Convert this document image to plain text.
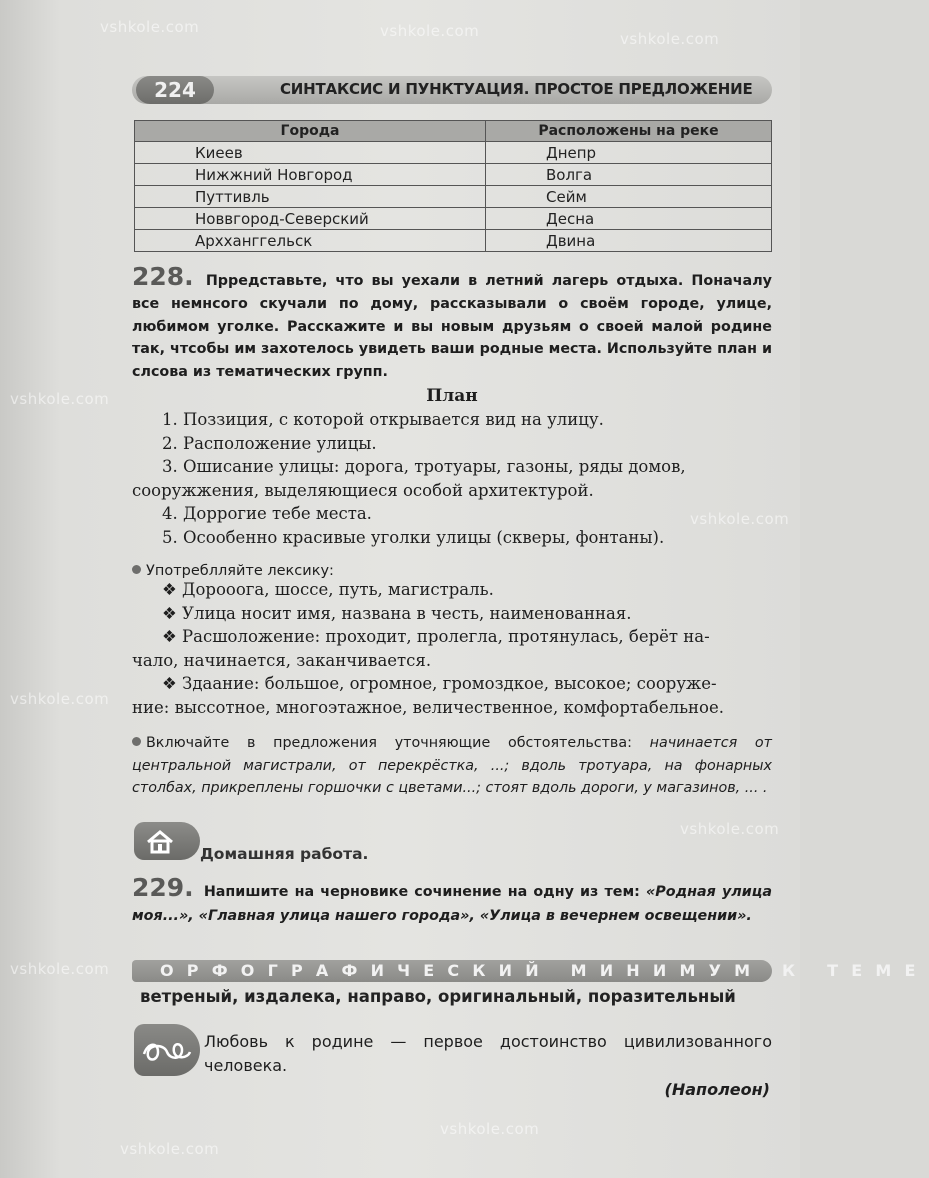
vshkole.com	vshkole.com	vshkole.com
vshkole.com
vshkole.com
vshkole.com
vshkole.com
vshkole.com
vshkole.com
vshkole.com
224	СИНТАКСИС И ПУНКТУАЦИЯ. ПРОСТОЕ ПРЕДЛОЖЕНИЕ
Города	Расположены на реке
Киеев	Днепр
Нижжний Новгород	Волга
Путтивль	Сейм
Новвгород-Северский	Десна
Архханггельск	Двина
228. Прредставьте, что вы уехали в летний лагерь отдыха. Поначалу все немнсого скучали по дому, рассказывали о своём городе, улице, любимом уголке. Расскажите и вы новым друзьям о своей малой родине так, чтсобы им захотелось увидеть ваши родные места. Используйте план и слсова из тематических групп.
План
1. Поззиция, с которой открывается вид на улицу.
2. Расположение улицы.
3. Ошисание улицы: дорога, тротуары, газоны, ряды домов,
сооружжения, выделяющиеся особой архитектурой.
4. Доррогие тебе места.
5. Осообенно красивые уголки улицы (скверы, фонтаны).
Употреблляйте лексику:
❖ Дорооога, шоссе, путь, магистраль.
❖ Улица носит имя, названа в честь, наименованная.
❖ Расшоложение: проходит, пролегла, протянулась, берёт на-
чало, начинается, заканчивается.
❖ Здаание: большое, огромное, громоздкое, высокое; сооруже-
ние: выссотное, многоэтажное, величественное, комфортабельное.
Включайте в предложения уточняющие обстоятельства: начинается от центральной магистрали, от перекрёстка, ...; вдоль тротуара, на фонарных столбах, прикреплены горшочки с цветами...; стоят вдоль дороги, у магазинов, ... .
Домашняя работа.
229. Напишите на черновике сочинение на одну из тем: «Родная улица моя...», «Главная улица нашего города», «Улица в вечернем освещении».
ОРФОГРАФИЧЕСКИЙ МИНИМУМ К ТЕМЕ
ветреный, издалека, направо, оригинальный, поразительный
Любовь к родине — первое достоинство цивилизованного человека.
(Наполеон)
